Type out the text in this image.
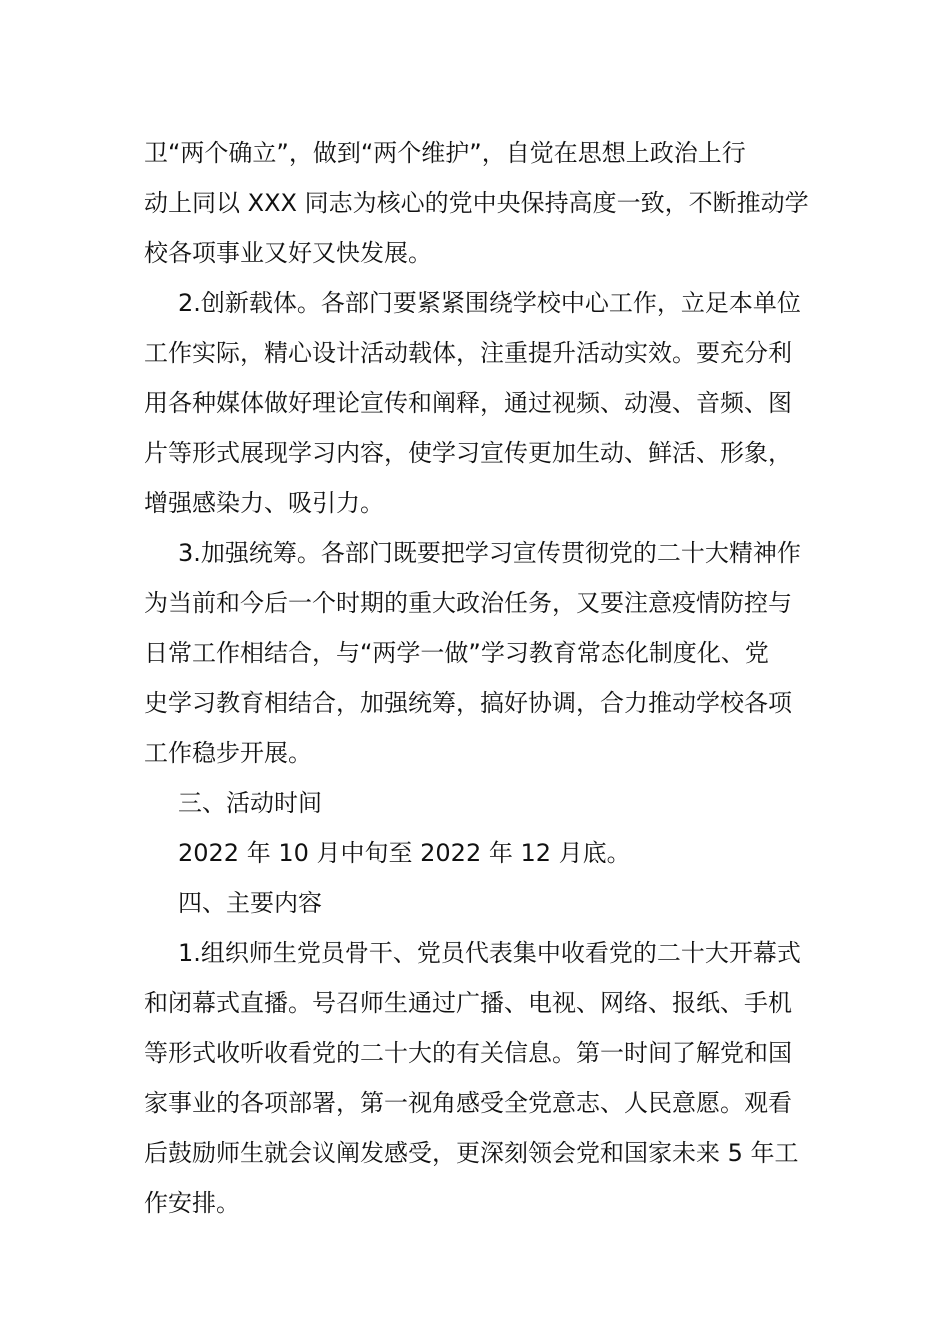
卫“两个确立”，做到“两个维护”，自觉在思想上政治上行
动上同以 XXX 同志为核心的党中央保持高度一致，不断推动学
校各项事业又好又快发展。
2.创新载体。各部门要紧紧围绕学校中心工作，立足本单位
工作实际，精心设计活动载体，注重提升活动实效。要充分利
用各种媒体做好理论宣传和阐释，通过视频、动漫、音频、图
片等形式展现学习内容，使学习宣传更加生动、鲜活、形象，
增强感染力、吸引力。
3.加强统筹。各部门既要把学习宣传贯彻党的二十大精神作
为当前和今后一个时期的重大政治任务，又要注意疫情防控与
日常工作相结合，与“两学一做”学习教育常态化制度化、党
史学习教育相结合，加强统筹，搞好协调，合力推动学校各项
工作稳步开展。
三、活动时间
2022 年 10 月中旬至 2022 年 12 月底。
四、主要内容
1.组织师生党员骨干、党员代表集中收看党的二十大开幕式
和闭幕式直播。号召师生通过广播、电视、网络、报纸、手机
等形式收听收看党的二十大的有关信息。第一时间了解党和国
家事业的各项部署，第一视角感受全党意志、人民意愿。观看
后鼓励师生就会议阐发感受，更深刻领会党和国家未来 5 年工
作安排。
